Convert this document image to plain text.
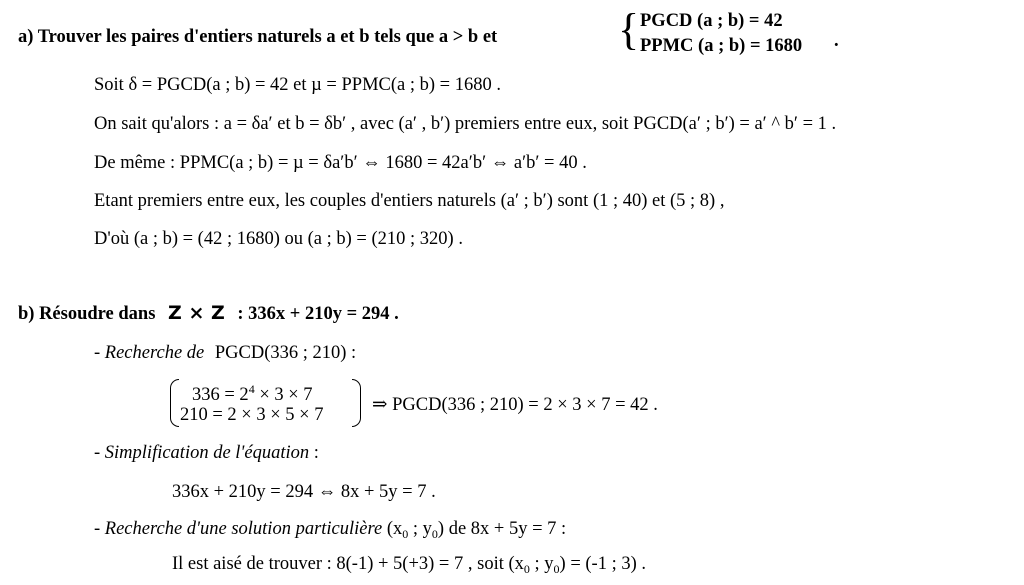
a) Trouver les paires d'entiers naturels a et b tels que a > b et	{ PGCD (a ; b) = 42
PPMC (a ; b) = 1680 .
Soit δ = PGCD(a ; b) = 42 et µ = PPMC(a ; b) = 1680 .
On sait qu'alors : a = δa′ et b = δb′ , avec (a′ , b′) premiers entre eux, soit PGCD(a′ ; b′) = a′ ^ b′ = 1 .
De même : PPMC(a ; b) = µ = δa′b′ ⇔ 1680 = 42a′b′ ⇔ a′b′ = 40 .
Etant premiers entre eux, les couples d'entiers naturels (a′ ; b′) sont (1 ; 40) et (5 ; 8) ,
D'où (a ; b) = (42 ; 1680) ou (a ; b) = (210 ; 320) .
b) Résoudre dans Z × Z : 336x + 210y = 294 .
- Recherche de PGCD(336 ; 210) :
$336 = 2^4 \times 3 \times 7$
210 = 2 × 3 × 5 × 7	⇒ PGCD(336 ; 210) = 2 × 3 × 7 = 42 .
- Simplification de l'équation :
336x + 210y = 294 ⇔ 8x + 5y = 7 .
- Recherche d'une solution particulière ($x_0$ ; $y_0$) de 8x + 5y = 7 :
Il est aisé de trouver : 8(-1) + 5(+3) = 7 , soit ($x_0$ ; $y_0) = (-1$ ; 3) .
